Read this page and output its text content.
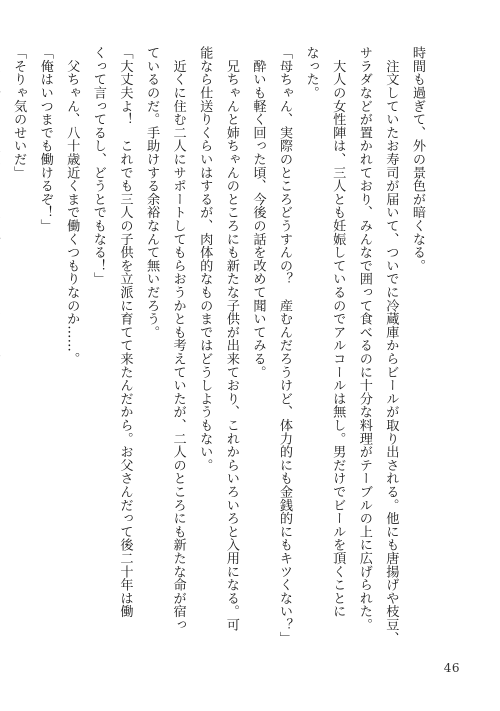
時間も過ぎて、外の景色が暗くなる。
　注文していたお寿司が届いて、ついでに冷蔵庫からビールが取り出される。他にも唐揚げや枝豆、
サラダなどが置かれており、みんなで囲って食べるのに十分な料理がテーブルの上に広げられた。
　大人の女性陣は、三人とも妊娠しているのでアルコールは無し。男だけでビールを頂くことに
なった。
「母ちゃん、実際のところどうすんの？　産むんだろうけど、体力的にも金銭的にもキツくない？」
　酔いも軽く回った頃、今後の話を改めて聞いてみる。
　兄ちゃんと姉ちゃんのところにも新たな子供が出来ており、これからいろいろと入用になる。可
能なら仕送りくらいはするが、肉体的なものまではどうしようもない。
　近くに住む二人にサポートしてもらおうかとも考えていたが、二人のところにも新たな命が宿っ
ているのだ。手助けする余裕なんて無いだろう。
「大丈夫よ！　これでも三人の子供を立派に育てて来たんだから。お父さんだって後二十年は働
くって言ってるし、どうとでもなる！」
　父ちゃん、八十歳近くまで働くつもりなのか……。
「俺はいつまでも働けるぞ！」
「そりゃ気のせいだ」
46
